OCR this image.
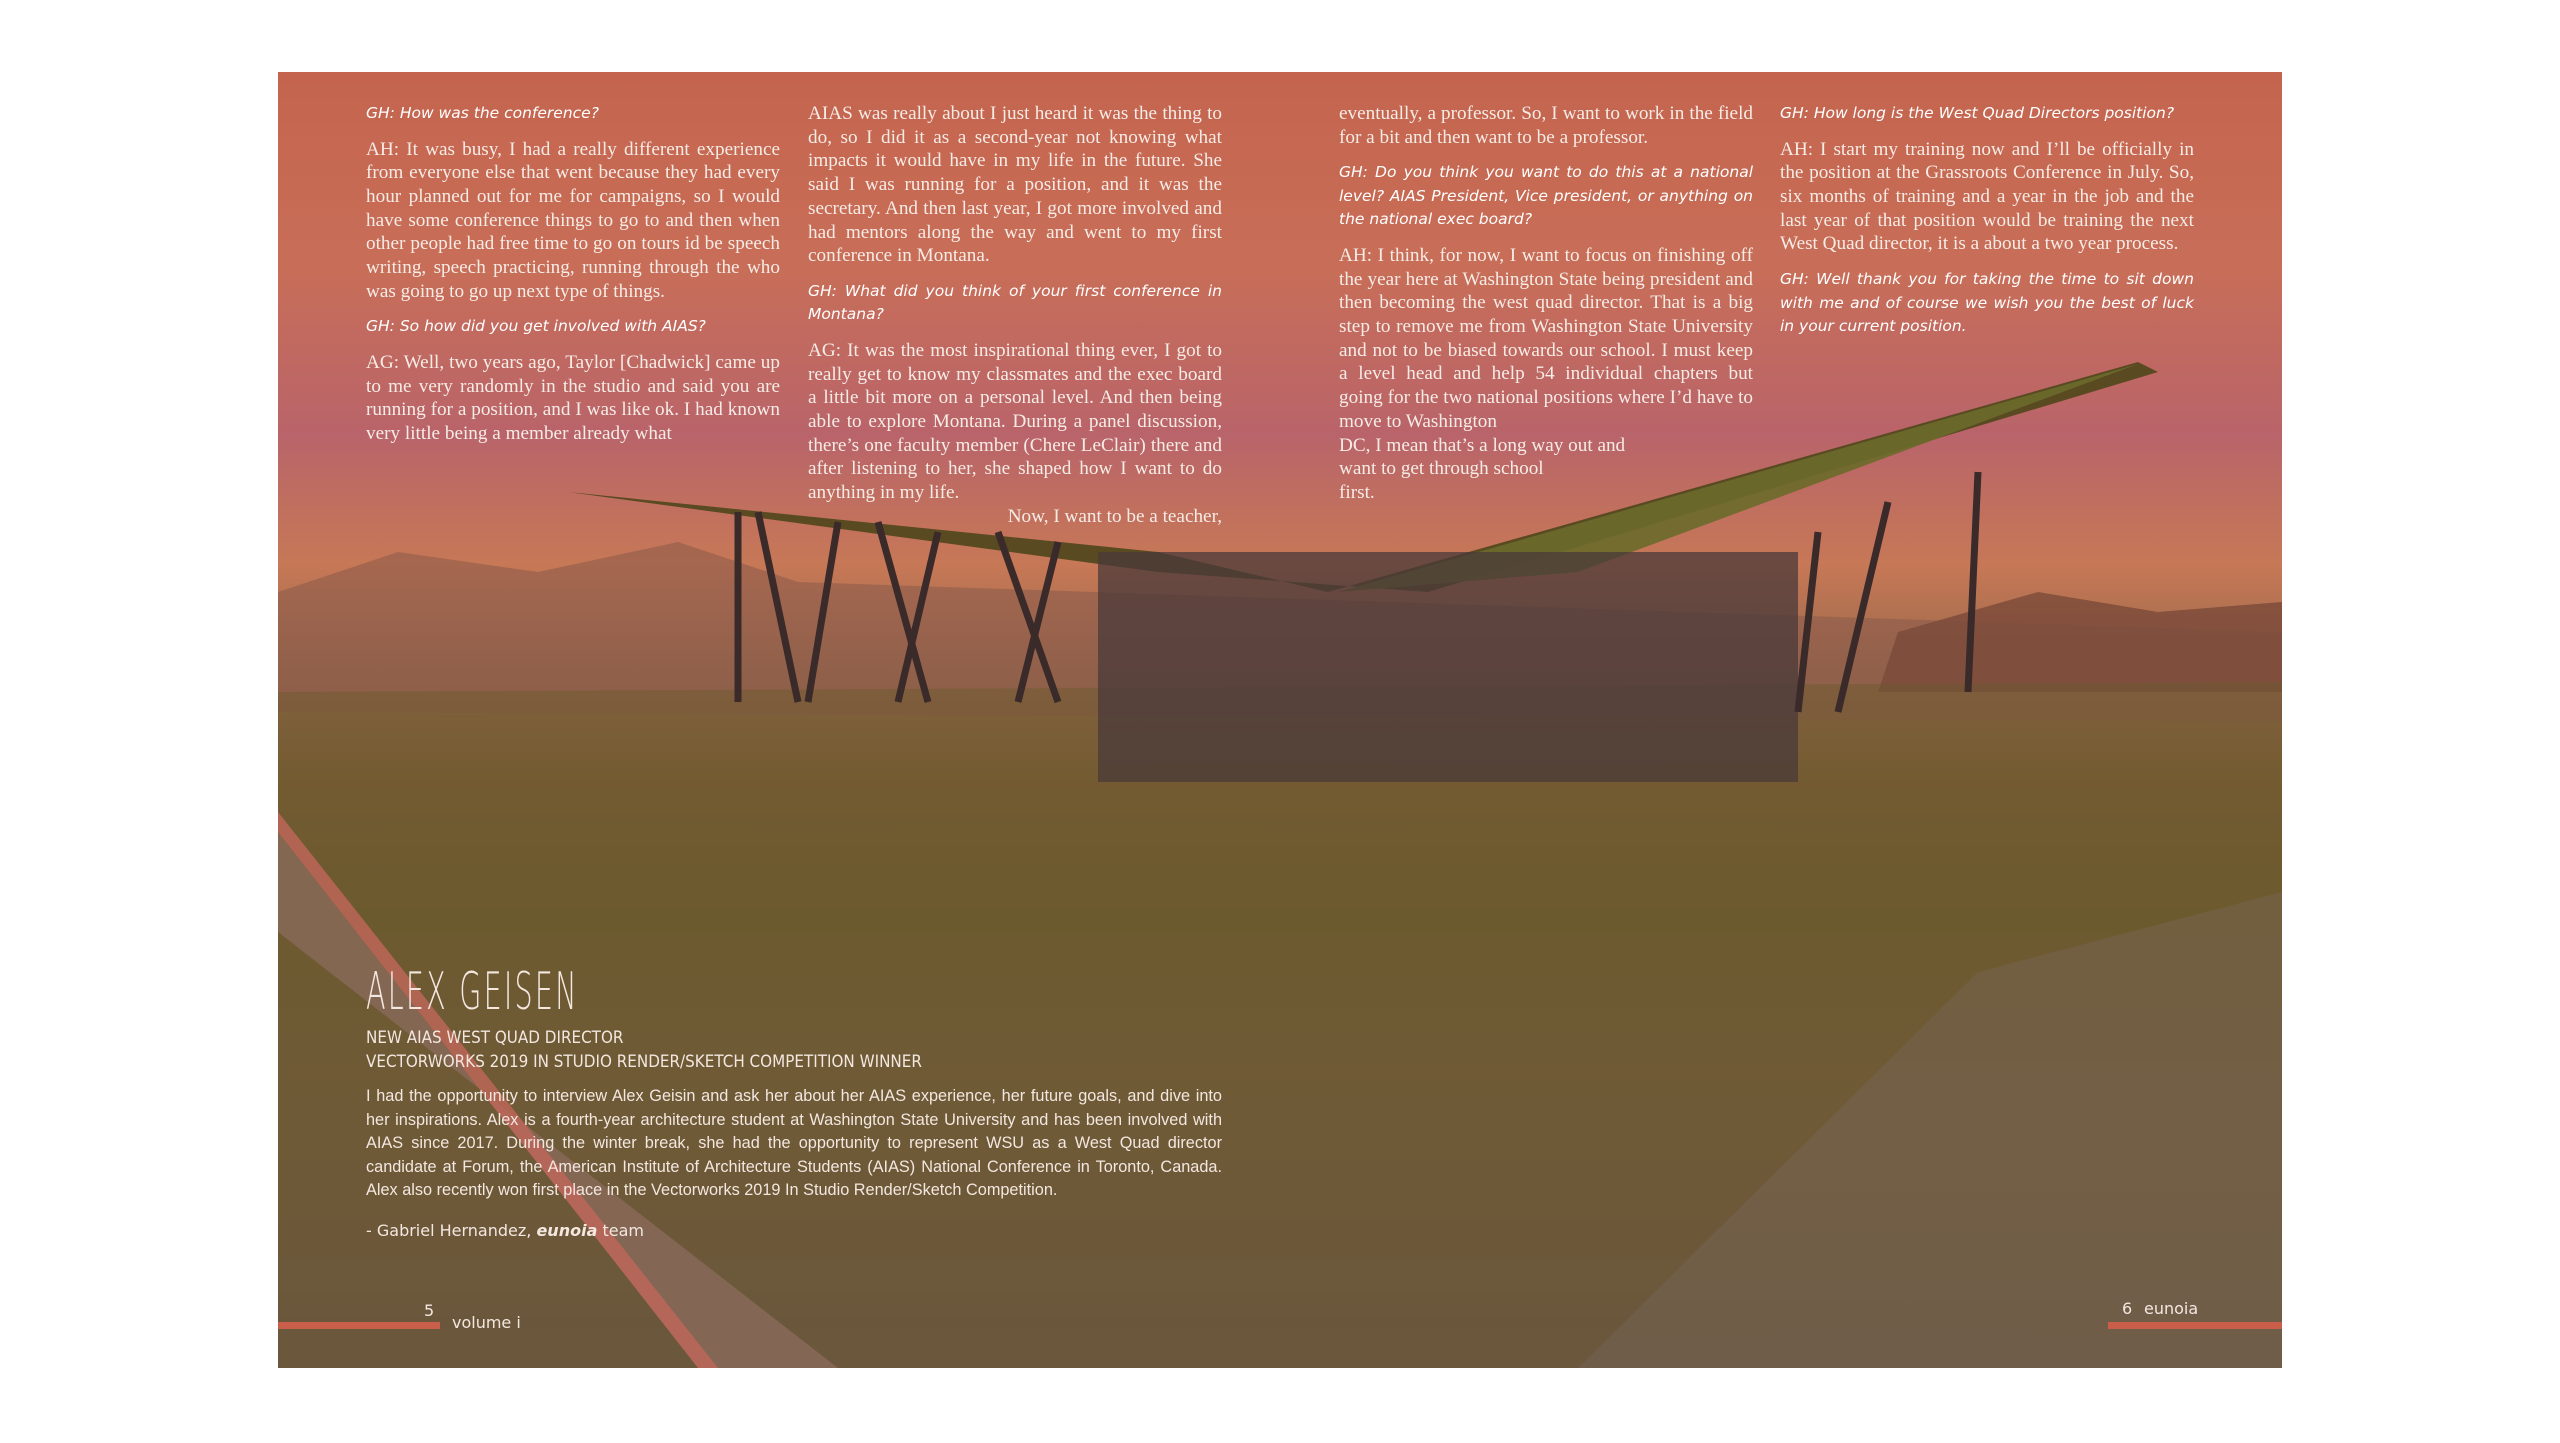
GH: How was the conference?

AH: It was busy, I had a really different experience from everyone else that went because they had every hour planned out for me for campaigns, so I would have some conference things to go to and then when other people had free time to go on tours id be speech writing, speech practicing, running through the who was going to go up next type of things.

GH: So how did you get involved with AIAS?

AG: Well, two years ago, Taylor [Chadwick] came up to me very randomly in the studio and said you are running for a position, and I was like ok. I had known very little being a member already what

AIAS was really about I just heard it was the thing to do, so I did it as a second-year not knowing what impacts it would have in my life in the future. She said I was running for a position, and it was the secretary. And then last year, I got more involved and had mentors along the way and went to my first conference in Montana.

GH: What did you think of your first conference in Montana?

AG: It was the most inspirational thing ever, I got to really get to know my classmates and the exec board a little bit more on a personal level. And then being able to explore Montana. During a panel discussion, there’s one faculty member (Chere LeClair) there and after listening to her, she shaped how I want to do anything in my life.

Now, I want to be a teacher,

eventually, a professor. So, I want to work in the field for a bit and then want to be a professor.

GH: Do you think you want to do this at a national level? AIAS President, Vice president, or anything on the national exec board?

AH: I think, for now, I want to focus on finishing off the year here at Washington State being president and then becoming the west quad director. That is a big step to remove me from Washington State University and not to be biased towards our school. I must keep a level head and help 54 individual chapters but going for the two national positions where I’d have to move to Washington

DC, I mean that’s a long way out and
want to get through school
first.

GH: How long is the West Quad Directors position?

AH: I start my training now and I’ll be officially in the position at the Grassroots Conference in July. So, six months of training and a year in the job and the last year of that position would be training the next West Quad director, it is a about a two year process.

GH: Well thank you for taking the time to sit down with me and of course we wish you the best of luck in your current position.

ALEX GEISEN
NEW AIAS WEST QUAD DIRECTOR
VECTORWORKS 2019 IN STUDIO RENDER/SKETCH COMPETITION WINNER
I had the opportunity to interview Alex Geisin and ask her about her AIAS experience, her future goals, and dive into her inspirations. Alex is a fourth-year architecture student at Washington State University and has been involved with AIAS since 2017. During the winter break, she had the opportunity to represent WSU as a West Quad director candidate at Forum, the American Institute of Architecture Students (AIAS) National Conference in Toronto, Canada. Alex also recently won first place in the Vectorworks 2019 In Studio Render/Sketch Competition.
- Gabriel Hernandez, eunoia team
5
volume i
6 eunoia
